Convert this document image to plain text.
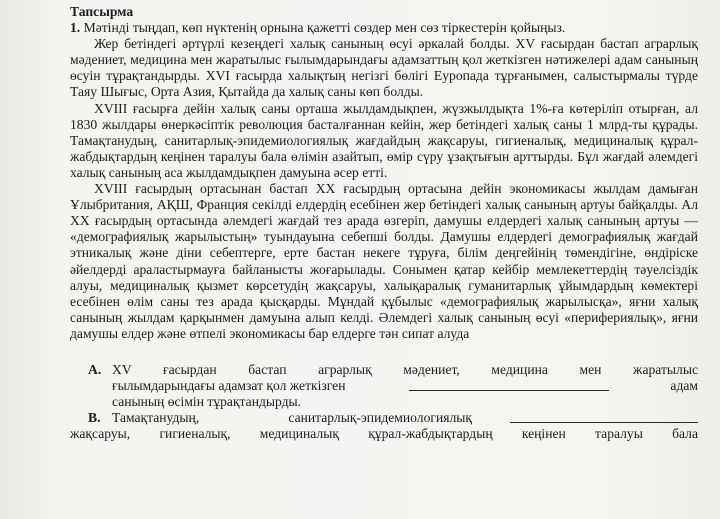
Тапсырма
1. Мәтінді тыңдап, көп нүктенің орнына қажетті сөздер мен сөз тіркестерін қойыңыз.

Жер бетіндегі әртүрлі кезеңдегі халық санының өсуі әркалай болды. XV ғасырдан бастап аграрлық мәдениет, медицина мен жаратылыс ғылымдарындағы адамзаттың қол жеткізген нәтижелері адам санының өсуін тұрақтандырды. XVI ғасырда халықтың негізгі бөлігі Еуропада тұрғанымен, салыстырмалы түрде Таяу Шығыс, Орта Азия, Қытайда да халық саны көп болды.

XVIII ғасырға дейін халық саны орташа жылдамдықпен, жүзжылдықта 1%-ға көтеріліп отырған, ал 1830 жылдары өнеркәсіптік революция басталғаннан кейін, жер бетіндегі халық саны 1 млрд-ты құрады. Тамақтанудың, санитарлық-эпидемиологиялық жағдайдың жақсаруы, гигиеналық, медициналық құрал-жабдықтардың кеңінен таралуы бала өлімін азайтып, өмір сүру ұзақтығын арттырды. Бұл жағдай әлемдегі халық санының аса жылдамдықпен дамуына әсер етті.

XVIII ғасырдың ортасынан бастап XX ғасырдың ортасына дейін экономикасы жылдам дамыған Ұлыбритания, АҚШ, Франция секілді елдердің есебінен жер бетіндегі халық санының артуы байқалды. Ал XX ғасырдың ортасында әлемдегі жағдай тез арада өзгеріп, дамушы елдердегі халық санының артуы — «демографиялық жарылыстың» туындауына себепші болды. Дамушы елдердегі демографиялық жағдай этникалық және діни себептерге, ерте бастан некеге тұруға, білім деңгейінің төмендігіне, өндіріске әйелдерді араластырмауға байланысты жоғарылады. Сонымен қатар кейбір мемлекеттердің тәуелсіздік алуы, медициналық қызмет көрсетудің жақсаруы, халықаралық гуманитарлық ұйымдардың көмектері есебінен өлім саны тез арада қысқарды. Мұндай құбылыс «демографиялық жарылысқа», яғни халық санының жылдам қарқынмен дамуына алып келді. Әлемдегі халық санының өсуі «перифериялық», яғни дамушы елдер және өтпелі экономикасы бар елдерге тән сипат алуда

А. XV ғасырдан бастап аграрлық мәдениет, медицина мен жаратылыс
ғылымдарындағы адамзат қол жеткізген	адам
санының өсімін тұрақтандырды.
В. Тамақтанудың,	санитарлық-эпидемиологиялық
жақсаруы, гигиеналық, медициналық құрал-жабдықтардың кеңінен таралуы бала
